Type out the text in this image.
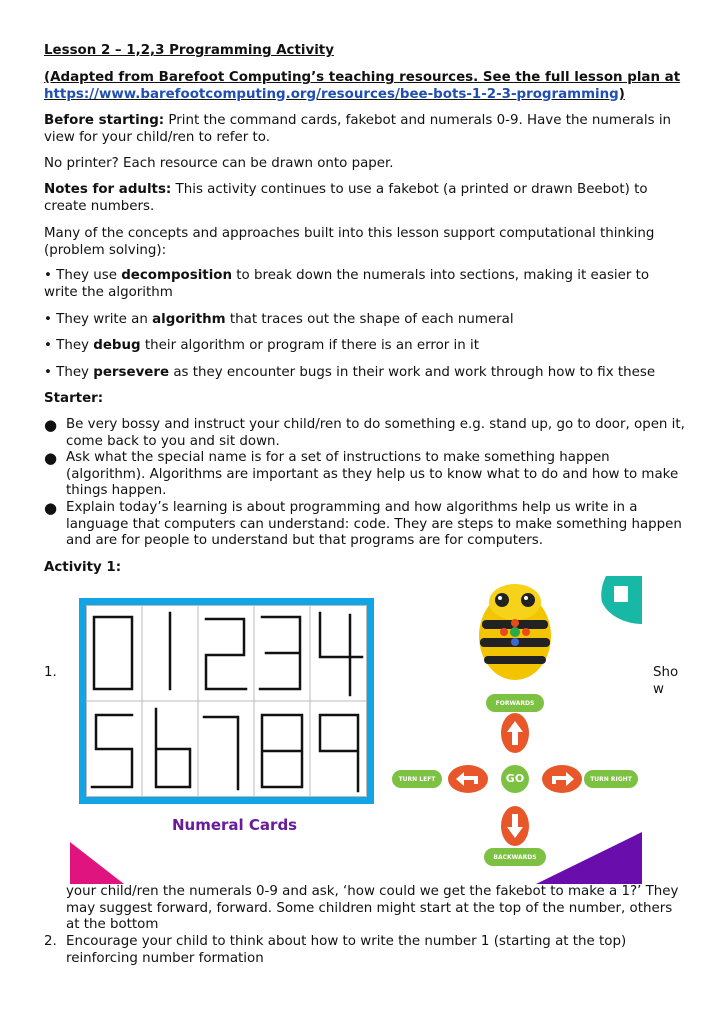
Lesson 2 – 1,2,3 Programming Activity
(Adapted from Barefoot Computing’s teaching resources. See the full lesson plan at https://www.barefootcomputing.org/resources/bee-bots-1-2-3-programming)
Before starting: Print the command cards, fakebot and numerals 0-9. Have the numerals in view for your child/ren to refer to.
No printer? Each resource can be drawn onto paper.
Notes for adults: This activity continues to use a fakebot (a printed or drawn Beebot) to create numbers.
Many of the concepts and approaches built into this lesson support computational thinking (problem solving):
• They use decomposition to break down the numerals into sections, making it easier to write the algorithm
• They write an algorithm that traces out the shape of each numeral
• They debug their algorithm or program if there is an error in it
• They persevere as they encounter bugs in their work and work through how to fix these
Starter:
● Be very bossy and instruct your child/ren to do something e.g. stand up, go to door, open it, come back to you and sit down.
● Ask what the special name is for a set of instructions to make something happen (algorithm). Algorithms are important as they help us to know what to do and how to make things happen.
● Explain today’s learning is about programming and how algorithms help us write in a language that computers can understand: code. They are steps to make something happen and are for people to understand but that programs are for computers.
Activity 1:
Numeral Cards
FORWARDS
TURN LEFT	GO	TURN RIGHT
BACKWARDS
1.	Sho
w
your child/ren the numerals 0-9 and ask, ‘how could we get the fakebot to make a 1?’ They may suggest forward, forward. Some children might start at the top of the number, others at the bottom
2. Encourage your child to think about how to write the number 1 (starting at the top) reinforcing number formation
